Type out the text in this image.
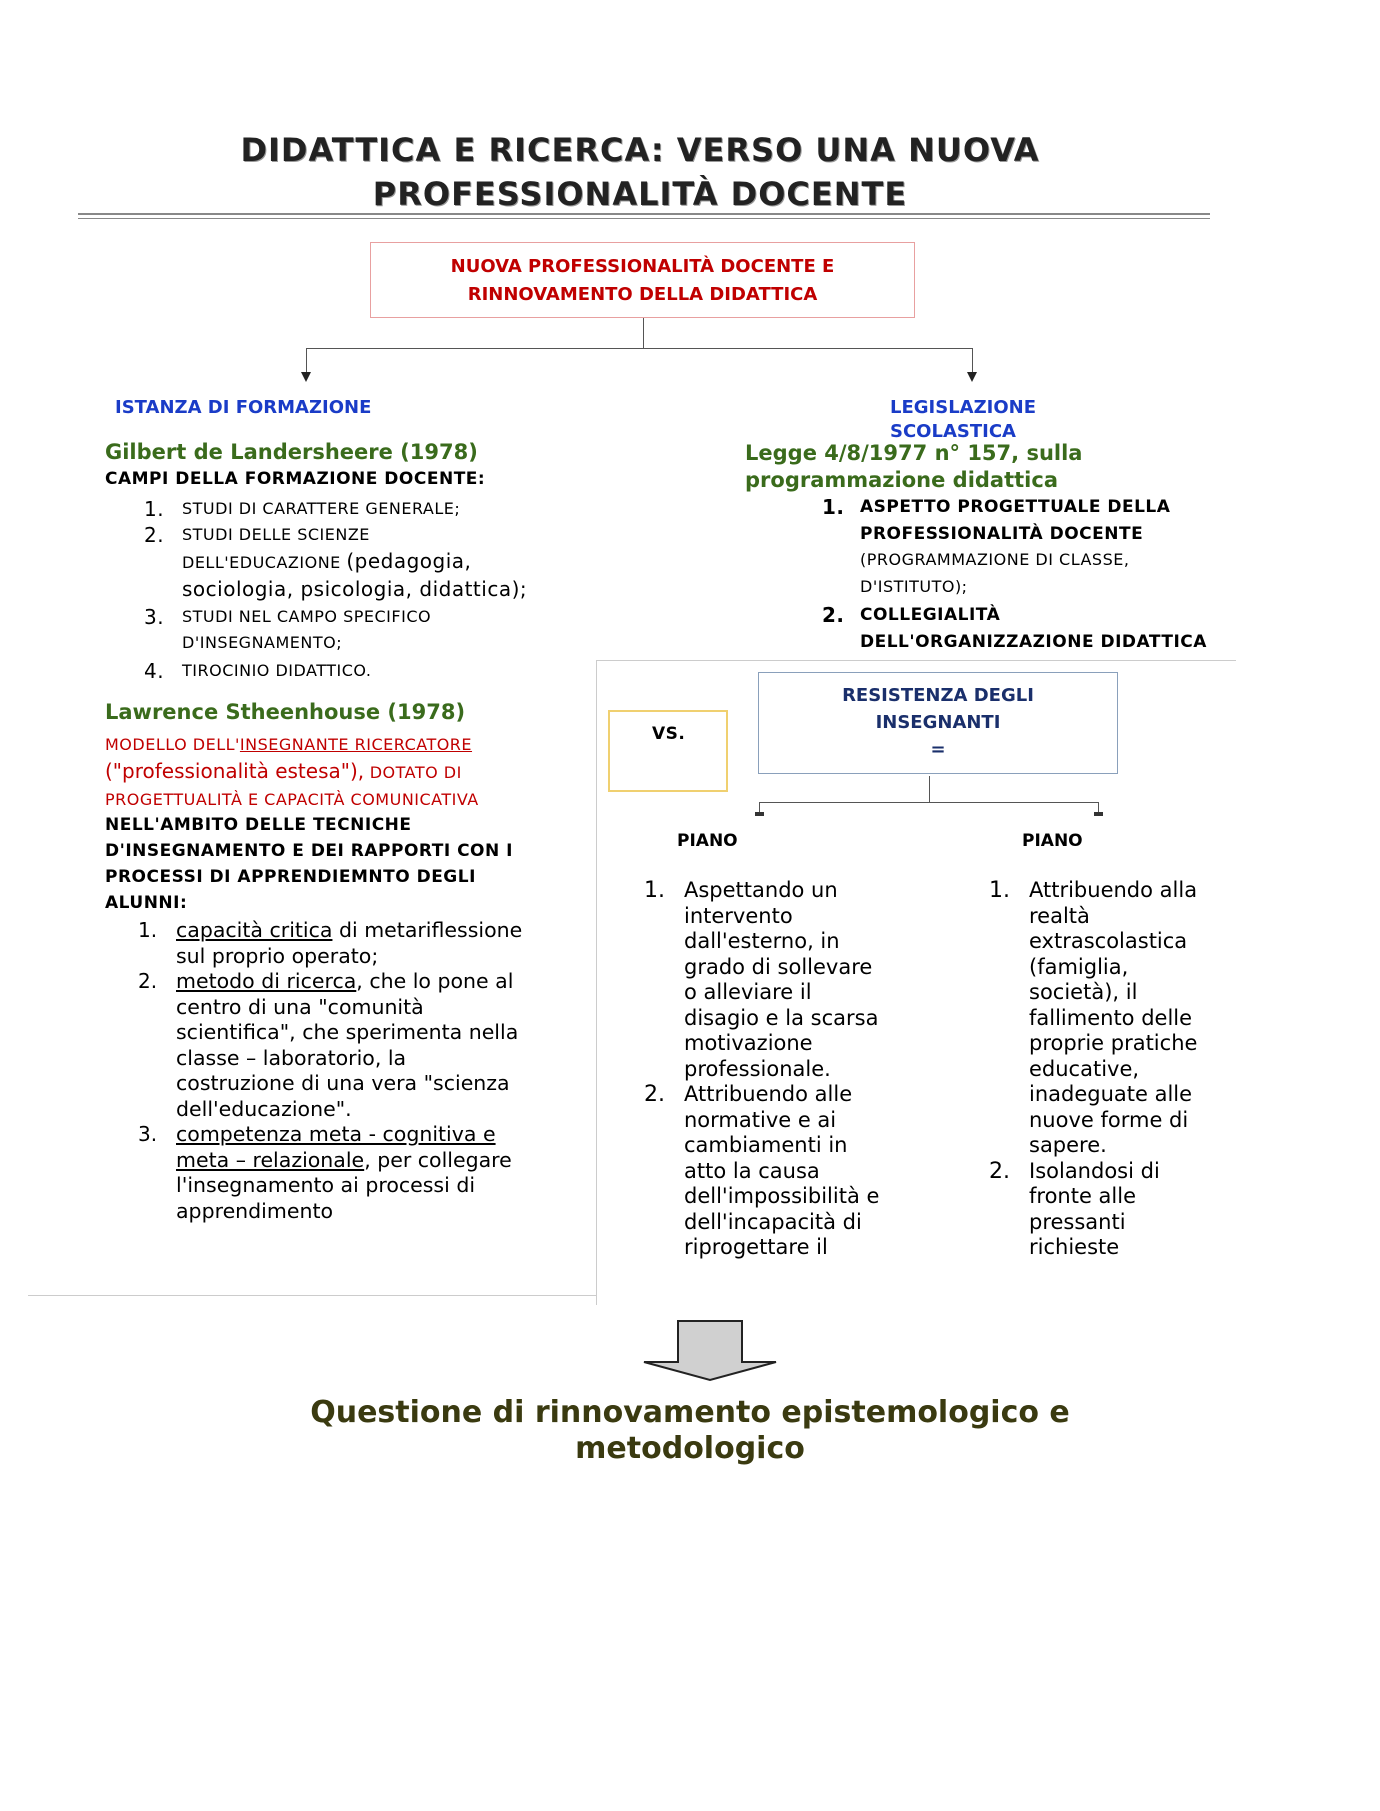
DIDATTICA E RICERCA: VERSO UNA NUOVA
PROFESSIONALITÀ DOCENTE
NUOVA PROFESSIONALITÀ DOCENTE E
RINNOVAMENTO DELLA DIDATTICA
ISTANZA DI FORMAZIONE	LEGISLAZIONE
SCOLASTICA
Gilbert de Landersheere (1978)
CAMPI DELLA FORMAZIONE DOCENTE:
1. STUDI DI CARATTERE GENERALE;
2. STUDI DELLE SCIENZE
DELL'EDUCAZIONE (pedagogia,
sociologia, psicologia, didattica);
3. STUDI NEL CAMPO SPECIFICO
D'INSEGNAMENTO;
4. TIROCINIO DIDATTICO.
Lawrence Stheenhouse (1978)
MODELLO DELL'INSEGNANTE RICERCATORE
("professionalità estesa"), DOTATO DI
PROGETTUALITÀ E CAPACITÀ COMUNICATIVA
NELL'AMBITO DELLE TECNICHE
D'INSEGNAMENTO E DEI RAPPORTI CON I
PROCESSI DI APPRENDIEMNTO DEGLI
ALUNNI:
1. capacità critica di metariflessione
sul proprio operato;
2. metodo di ricerca, che lo pone al
centro di una "comunità
scientifica", che sperimenta nella
classe – laboratorio, la
costruzione di una vera "scienza
dell'educazione".
3. competenza meta - cognitiva e
meta – relazionale, per collegare
l'insegnamento ai processi di
apprendimento
Legge 4/8/1977 n° 157, sulla
programmazione didattica
1. ASPETTO PROGETTUALE DELLA
PROFESSIONALITÀ DOCENTE
(PROGRAMMAZIONE DI CLASSE,
D'ISTITUTO);
2. COLLEGIALITÀ
DELL'ORGANIZZAZIONE DIDATTICA
VS.
RESISTENZA DEGLI
INSEGNANTI
=
PIANO	PIANO
1. Aspettando un
intervento
dall'esterno, in
grado di sollevare
o alleviare il
disagio e la scarsa
motivazione
professionale.
2. Attribuendo alle
normative e ai
cambiamenti in
atto la causa
dell'impossibilità e
dell'incapacità di
riprogettare il
1. Attribuendo alla
realtà
extrascolastica
(famiglia,
società), il
fallimento delle
proprie pratiche
educative,
inadeguate alle
nuove forme di
sapere.
2. Isolandosi di
fronte alle
pressanti
richieste
Questione di rinnovamento epistemologico e
metodologico
